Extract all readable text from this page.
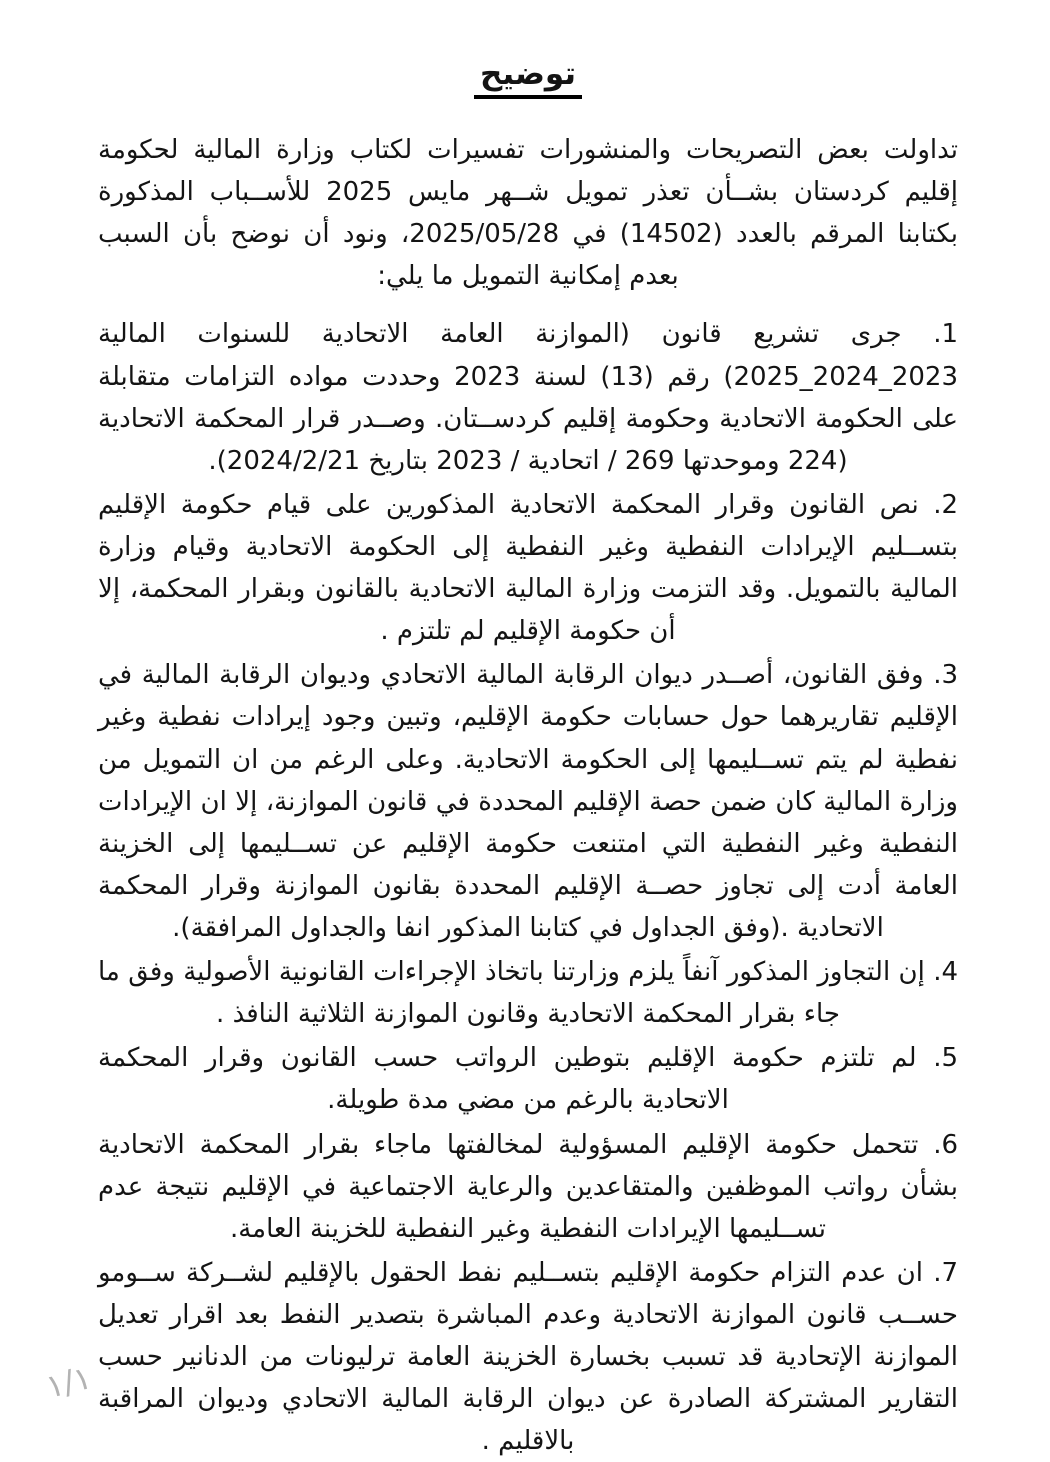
توضيح

تداولت بعض التصريحات والمنشورات تفسيرات لكتاب وزارة المالية لحكومة إقليم كردستان بشــأن تعذر تمويل شــهر مايس 2025 للأســباب المذكورة بكتابنا المرقم بالعدد (14502) في 2025/05/28، ونود أن نوضح بأن السبب بعدم إمكانية التمويل ما يلي:

1. جرى تشريع قانون (الموازنة العامة الاتحادية للسنوات المالية 2023_2024_2025) رقم (13) لسنة 2023 وحددت مواده التزامات متقابلة على الحكومة الاتحادية وحكومة إقليم كردســتان. وصــدر قرار المحكمة الاتحادية (224 وموحدتها 269 / اتحادية / 2023 بتاريخ 2024/2/21).

2. نص القانون وقرار المحكمة الاتحادية المذكورين على قيام حكومة الإقليم بتســليم الإيرادات النفطية وغير النفطية إلى الحكومة الاتحادية وقيام وزارة المالية بالتمويل. وقد التزمت وزارة المالية الاتحادية بالقانون وبقرار المحكمة، إلا أن حكومة الإقليم لم تلتزم .

3. وفق القانون، أصــدر ديوان الرقابة المالية الاتحادي وديوان الرقابة المالية في الإقليم تقاريرهما حول حسابات حكومة الإقليم، وتبين وجود إيرادات نفطية وغير نفطية لم يتم تســليمها إلى الحكومة الاتحادية. وعلى الرغم من ان التمويل من وزارة المالية كان ضمن حصة الإقليم المحددة في قانون الموازنة، إلا ان الإيرادات النفطية وغير النفطية التي امتنعت حكومة الإقليم عن تســليمها إلى الخزينة العامة أدت إلى تجاوز حصــة الإقليم المحددة بقانون الموازنة وقرار المحكمة الاتحادية .(وفق الجداول في كتابنا المذكور انفا والجداول المرافقة).

4. إن التجاوز المذكور آنفاً يلزم وزارتنا باتخاذ الإجراءات القانونية الأصولية وفق ما جاء بقرار المحكمة الاتحادية وقانون الموازنة الثلاثية النافذ .

5. لم تلتزم حكومة الإقليم بتوطين الرواتب حسب القانون وقرار المحكمة الاتحادية بالرغم من مضي مدة طويلة.

6. تتحمل حكومة الإقليم المسؤولية لمخالفتها ماجاء بقرار المحكمة الاتحادية بشأن رواتب الموظفين والمتقاعدين والرعاية الاجتماعية في الإقليم نتيجة عدم تســليمها الإيرادات النفطية وغير النفطية للخزينة العامة.

7. ان عدم التزام حكومة الإقليم بتســليم نفط الحقول بالإقليم لشــركة ســومو حســب قانون الموازنة الاتحادية وعدم المباشرة بتصدير النفط بعد اقرار تعديل الموازنة الإتحادية قد تسبب بخسارة الخزينة العامة ترليونات من الدنانير حسب التقارير المشتركة الصادرة عن ديوان الرقابة المالية الاتحادي وديوان المراقبة بالاقليم .

١/١
